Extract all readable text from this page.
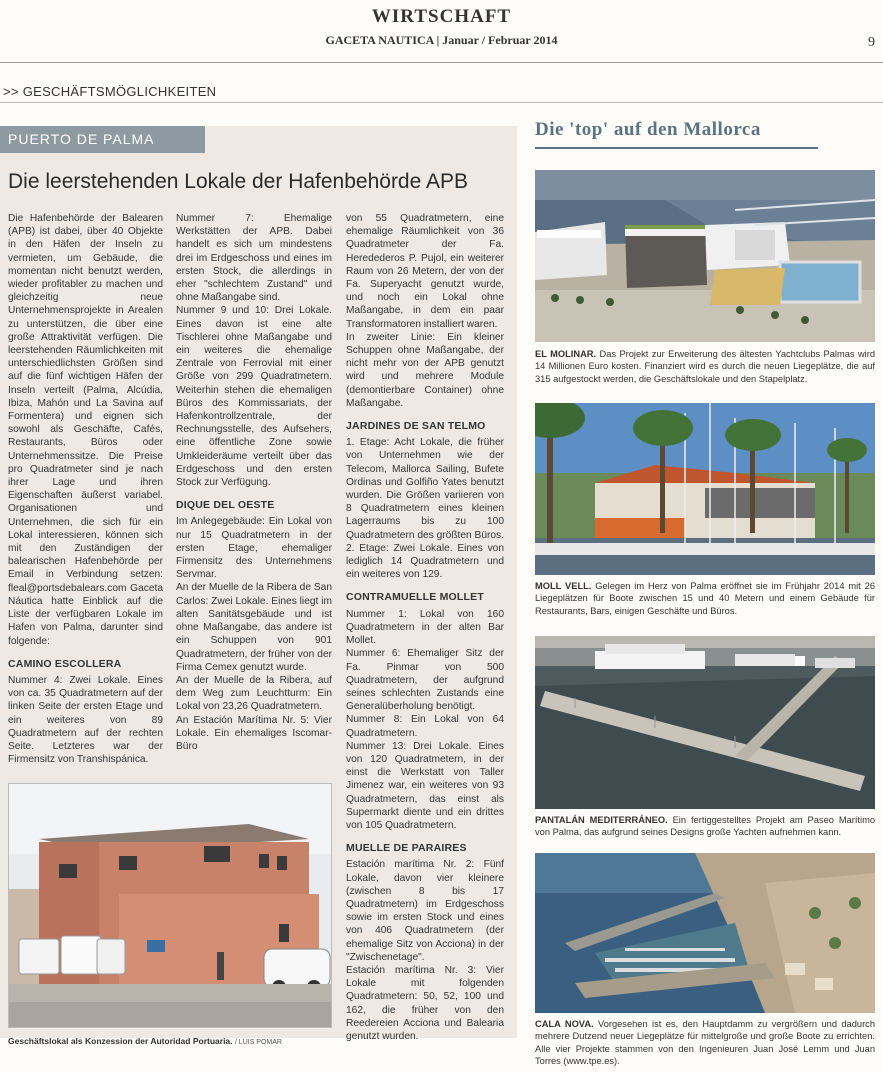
WIRTSCHAFT
GACETA NAUTICA | Januar / Februar 2014	9
>> GESCHÄFTSMÖGLICHKEITEN
PUERTO DE PALMA
Die leerstehenden Lokale der Hafenbehörde APB

Die Hafenbehörde der Balearen (APB) ist dabei, über 40 Objekte in den Häfen der Inseln zu vermieten, um Gebäude, die momentan nicht benutzt werden, wieder profitabler zu machen und gleichzeitig neue Unternehmensprojekte in Arealen zu unterstützen, die über eine große Attraktivität verfügen. Die leerstehenden Räumlichkeiten mit unterschiedlichsten Größen sind auf die fünf wichtigen Häfen der Inseln verteilt (Palma, Alcúdia, Ibiza, Mahón und La Savina auf Formentera) und eignen sich sowohl als Geschäfte, Cafés, Restaurants, Büros oder Unternehmenssitze. Die Preise pro Quadratmeter sind je nach ihrer Lage und ihren Eigenschaften äußerst variabel. Organisationen und Unternehmen, die sich für ein Lokal interessieren, können sich mit den Zuständigen der balearischen Hafenbehörde per Email in Verbindung setzen: fleal@portsdebalears.com Gaceta Náutica hatte Einblick auf die Liste der verfügbaren Lokale im Hafen von Palma, darunter sind folgende:

CAMINO ESCOLLERA

Nummer 4: Zwei Lokale. Eines von ca. 35 Quadratmetern auf der linken Seite der ersten Etage und ein weiteres von 89 Quadratmetern auf der rechten Seite. Letzteres war der Firmensitz von Transhispánica.

Nummer 7: Ehemalige Werkstätten der APB. Dabei handelt es sich um mindestens drei im Erdgeschoss und eines im ersten Stock, die allerdings in eher "schlechtem Zustand" und ohne Maßangabe sind.

Nummer 9 und 10: Drei Lokale. Eines davon ist eine alte Tischlerei ohne Maßangabe und ein weiteres die ehemalige Zentrale von Ferrovial mit einer Größe von 299 Quadratmetern. Weiterhin stehen die ehemaligen Büros des Kommissariats, der Hafenkontrollzentrale, der Rechnungsstelle, des Aufsehers, eine öffentliche Zone sowie Umkleideräume verteilt über das Erdgeschoss und den ersten Stock zur Verfügung.

DIQUE DEL OESTE

Im Anlegegebäude: Ein Lokal von nur 15 Quadratmetern in der ersten Etage, ehemaliger Firmensitz des Unternehmens Servmar.

An der Muelle de la Ribera de San Carlos: Zwei Lokale. Eines liegt im alten Sanitätsgebäude und ist ohne Maßangabe, das andere ist ein Schuppen von 901 Quadratmetern, der früher von der Firma Cemex genutzt wurde.

An der Muelle de la Ribera, auf dem Weg zum Leuchtturm: Ein Lokal von 23,26 Quadratmetern.

An Estación Marítima Nr. 5: Vier Lokale. Ein ehemaliges Iscomar-Büro

von 55 Quadratmetern, eine ehemalige Räumlichkeit von 36 Quadratmeter der Fa. Heredederos P. Pujol, ein weiterer Raum von 26 Metern, der von der Fa. Superyacht genutzt wurde, und noch ein Lokal ohne Maßangabe, in dem ein paar Transformatoren installiert waren.

In zweiter Linie: Ein kleiner Schuppen ohne Maßangabe, der nicht mehr von der APB genutzt wird und mehrere Module (demontierbare Container) ohne Maßangabe.

JARDINES DE SAN TELMO

1. Etage: Acht Lokale, die früher von Unternehmen wie der Telecom, Mallorca Sailing, Bufete Ordinas und Golfiño Yates benutzt wurden. Die Größen variieren von 8 Quadratmetern eines kleinen Lagerraums bis zu 100 Quadratmetern des größten Büros.

2. Etage: Zwei Lokale. Eines von lediglich 14 Quadratmetern und ein weiteres von 129.

CONTRAMUELLE MOLLET

Nummer 1: Lokal von 160 Quadratmetern in der alten Bar Mollet.

Nummer 6: Ehemaliger Sitz der Fa. Pinmar von 500 Quadratmetern, der aufgrund seines schlechten Zustands eine Generalüberholung benötigt.

Nummer 8: Ein Lokal von 64 Quadratmetern.

Nummer 13: Drei Lokale. Eines von 120 Quadratmetern, in der einst die Werkstatt von Taller Jimenez war, ein weiteres von 93 Quadratmetern, das einst als Supermarkt diente und ein drittes von 105 Quadratmetern.

MUELLE DE PARAIRES

Estación marítima Nr. 2: Fünf Lokale, davon vier kleinere (zwischen 8 bis 17 Quadratmetern) im Erdgeschoss sowie im ersten Stock und eines von 406 Quadratmetern (der ehemalige Sitz von Acciona) in der "Zwischenetage".

Estación marítima Nr. 3: Vier Lokale mit folgenden Quadratmetern: 50, 52, 100 und 162, die früher von den Reedereien Acciona und Balearia genutzt wurden.

Geschäftslokal als Konzession der Autoridad Portuaria. / LUIS POMAR
Die 'top' auf den Mallorca
EL MOLINAR. Das Projekt zur Erweiterung des ältesten Yachtclubs Palmas wird 14 Millionen Euro kosten. Finanziert wird es durch die neuen Liegeplätze, die auf 315 aufgestockt werden, die Geschäftslokale und den Stapelplatz.
MOLL VELL. Gelegen im Herz von Palma eröffnet sie im Frühjahr 2014 mit 26 Liegeplätzen für Boote zwischen 15 und 40 Metern und einem Gebäude für Restaurants, Bars, einigen Geschäfte und Büros.
PANTALÁN MEDITERRÁNEO. Ein fertiggestelltes Projekt am Paseo Marítimo von Palma, das aufgrund seines Designs große Yachten aufnehmen kann.
CALA NOVA. Vorgesehen ist es, den Hauptdamm zu vergrößern und dadurch mehrere Dutzend neuer Liegeplätze für mittelgroße und große Boote zu errichten. Alle vier Projekte stammen von den Ingenieuren Juan José Lemm und Juan Torres (www.tpe.es).
